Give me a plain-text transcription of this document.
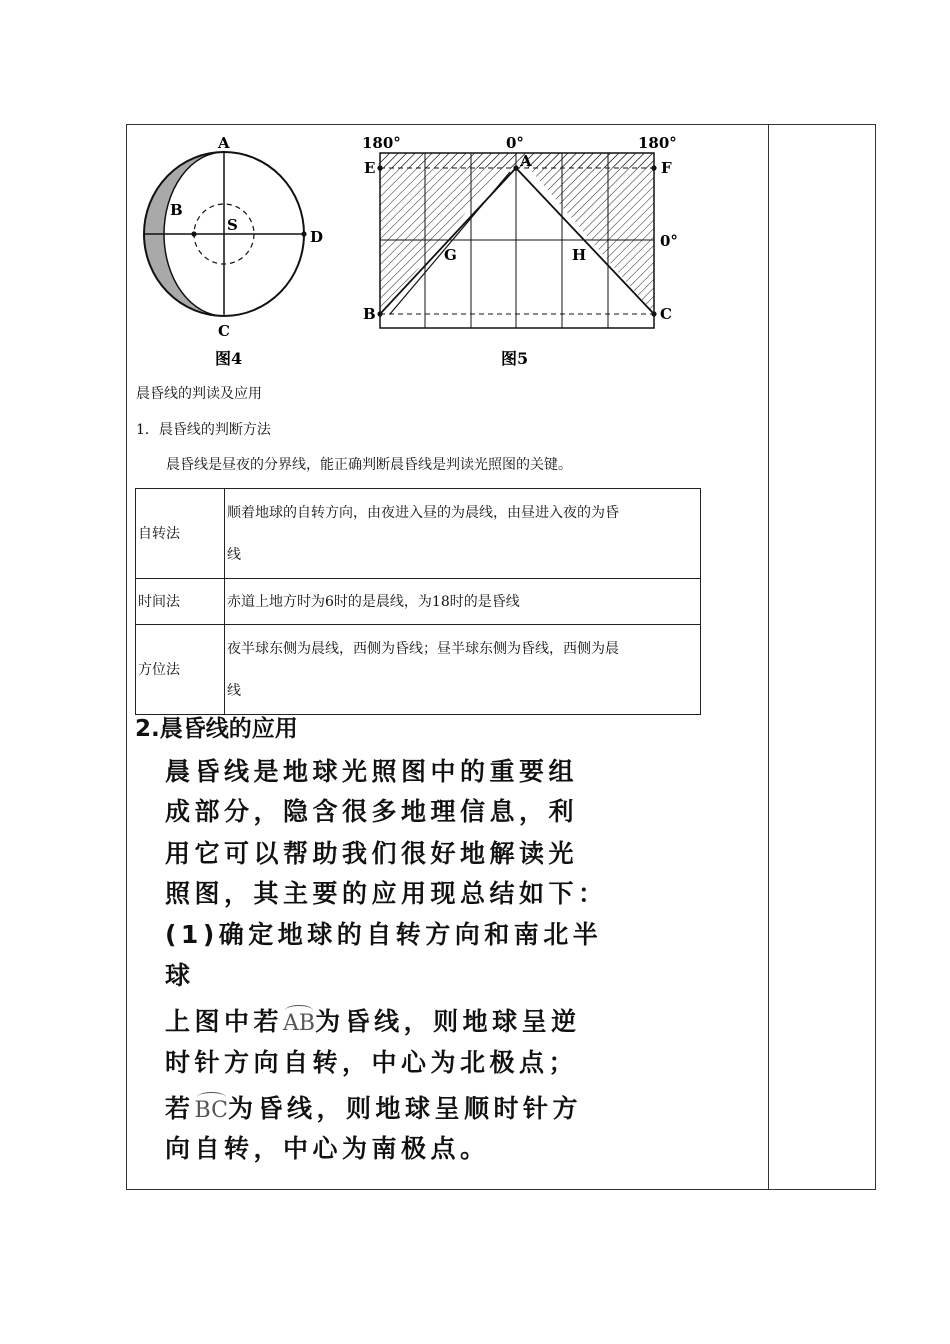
A
B
S
D
C
图4
180°	0°	180°
E	A	F
0°
G	H
B	C
图5
晨昏线的判读及应用
1．晨昏线的判断方法
晨昏线是昼夜的分界线，能正确判断晨昏线是判读光照图的关键。
自转法	顺着地球的自转方向，由夜进入昼的为晨线，由昼进入夜的为昏
线

时间法	赤道上地方时为6时的是晨线，为18时的是昏线

方位法	夜半球东侧为晨线，西侧为昏线；昼半球东侧为昏线，西侧为晨
线
2.晨昏线的应用
晨昏线是地球光照图中的重要组
成部分，隐含很多地理信息，利
用它可以帮助我们很好地解读光
照图，其主要的应用现总结如下：
(1)确定地球的自转方向和南北半
球
上图中若AB为昏线，则地球呈逆
时针方向自转，中心为北极点；
若BC为昏线，则地球呈顺时针方
向自转，中心为南极点。
